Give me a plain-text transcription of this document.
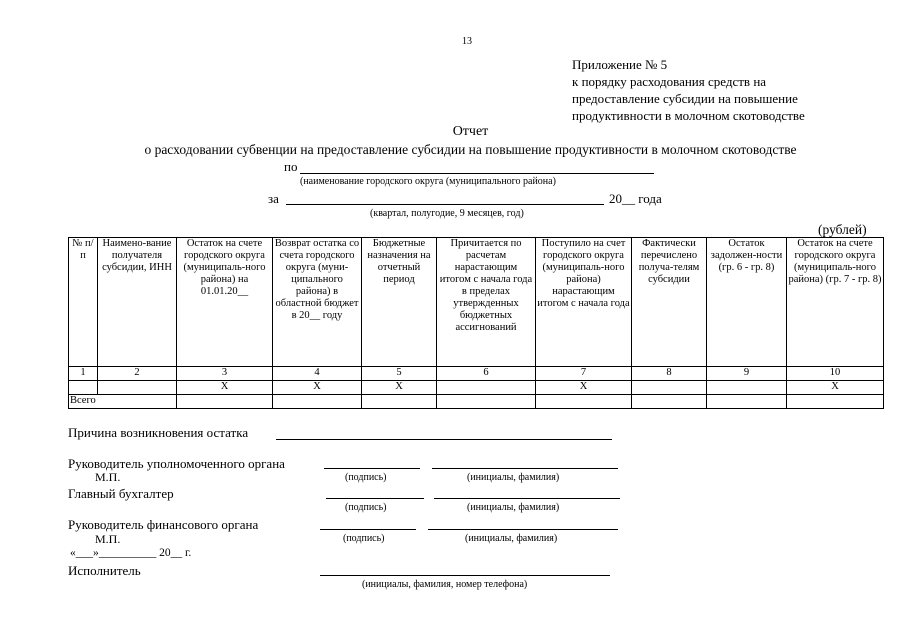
13
Приложение № 5
к порядку расходования средств на
предоставление субсидии на повышение
продуктивности в молочном скотоводстве
Отчет
о расходовании субвенции на предоставление субсидии на повышение продуктивности в молочном скотоводстве
по
(наименование городского округа (муниципального района)
за	20__ года
(квартал, полугодие, 9 месяцев, год)
(рублей)
№ п/п	Наимено-вание получателя субсидии, ИНН	Остаток на счете городского округа (муниципаль-ного района) на 01.01.20__	Возврат остатка со счета городского округа (муни-ципального района) в областной бюджет в 20__ году	Бюджетные назначения на отчетный период	Причитается по расчетам нарастающим итогом с начала года в пределах утвержденных бюджетных ассигнований	Поступило на счет городского округа (муниципаль-ного района) нарастающим итогом с начала года	Фактически перечислено получа-телям субсидии	Остаток задолжен-ности (гр. 6 - гр. 8)	Остаток на счете городского округа (муниципаль-ного района) (гр. 7 - гр. 8)
1	2	3	4	5	6	7	8	9	10
		X	X	X		X			X
Всего									
Причина возникновения остатка
Руководитель уполномоченного органа
М.П.	(подпись)	(инициалы, фамилия)
Главный бухгалтер
(подпись)	(инициалы, фамилия)
Руководитель финансового органа
М.П.	(подпись)	(инициалы, фамилия)
«___»__________ 20__ г.
Исполнитель
(инициалы, фамилия, номер телефона)
